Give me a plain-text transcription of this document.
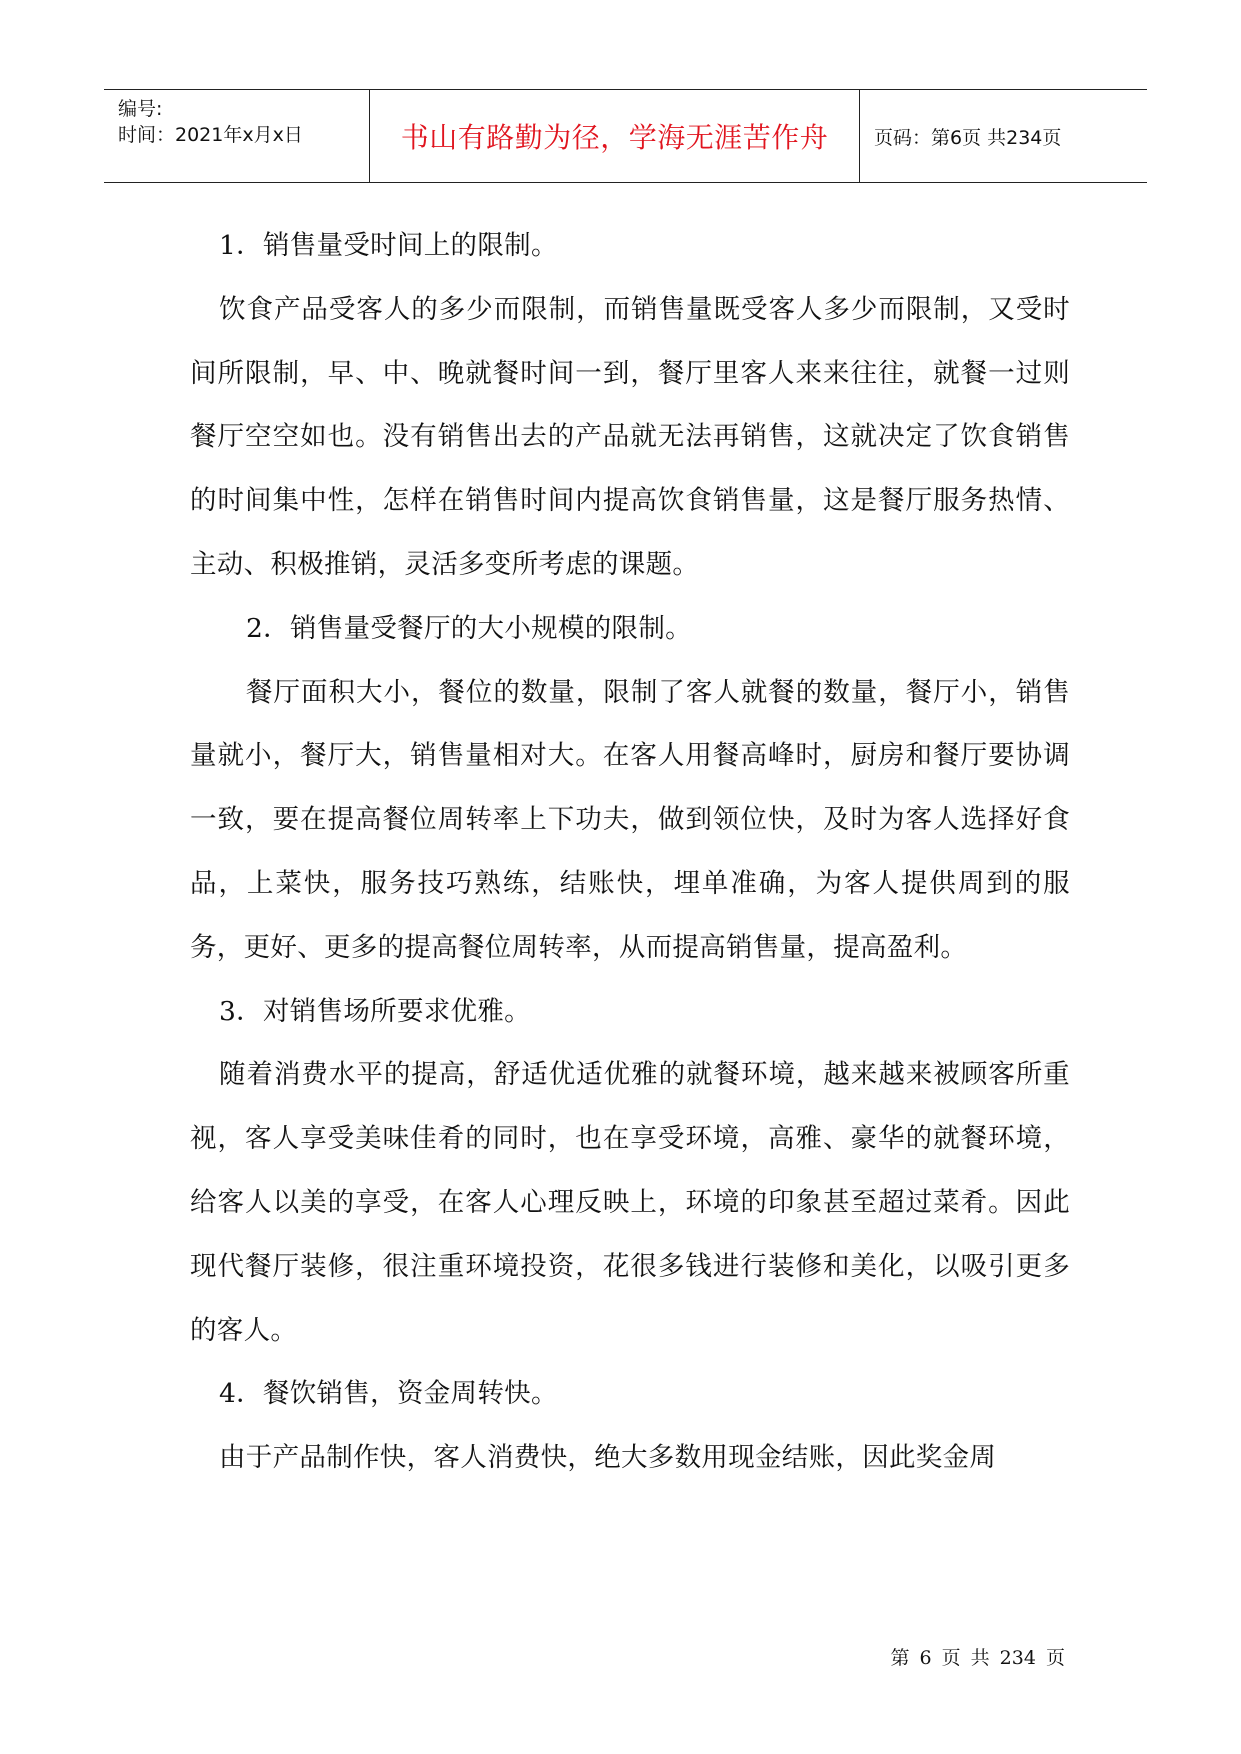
编号:
时间：2021年x月x日	书山有路勤为径，学海无涯苦作舟 页码：第6页 共234页

1．销售量受时间上的限制。

饮食产品受客人的多少而限制，而销售量既受客人多少而限制，又受时间所限制，早、中、晚就餐时间一到，餐厅里客人来来往往，就餐一过则餐厅空空如也。没有销售出去的产品就无法再销售，这就决定了饮食销售的时间集中性，怎样在销售时间内提高饮食销售量，这是餐厅服务热情、主动、积极推销，灵活多变所考虑的课题。

2．销售量受餐厅的大小规模的限制。

餐厅面积大小，餐位的数量，限制了客人就餐的数量，餐厅小，销售量就小，餐厅大，销售量相对大。在客人用餐高峰时，厨房和餐厅要协调一致，要在提高餐位周转率上下功夫，做到领位快，及时为客人选择好食品，上菜快，服务技巧熟练，结账快，埋单准确，为客人提供周到的服务，更好、更多的提高餐位周转率，从而提高销售量，提高盈利。

3．对销售场所要求优雅。

随着消费水平的提高，舒适优适优雅的就餐环境，越来越来被顾客所重视，客人享受美味佳肴的同时，也在享受环境，高雅、豪华的就餐环境，给客人以美的享受，在客人心理反映上，环境的印象甚至超过菜肴。因此现代餐厅装修，很注重环境投资，花很多钱进行装修和美化，以吸引更多的客人。

4．餐饮销售，资金周转快。

由于产品制作快，客人消费快，绝大多数用现金结账，因此奖金周

第 6 页 共 234 页
